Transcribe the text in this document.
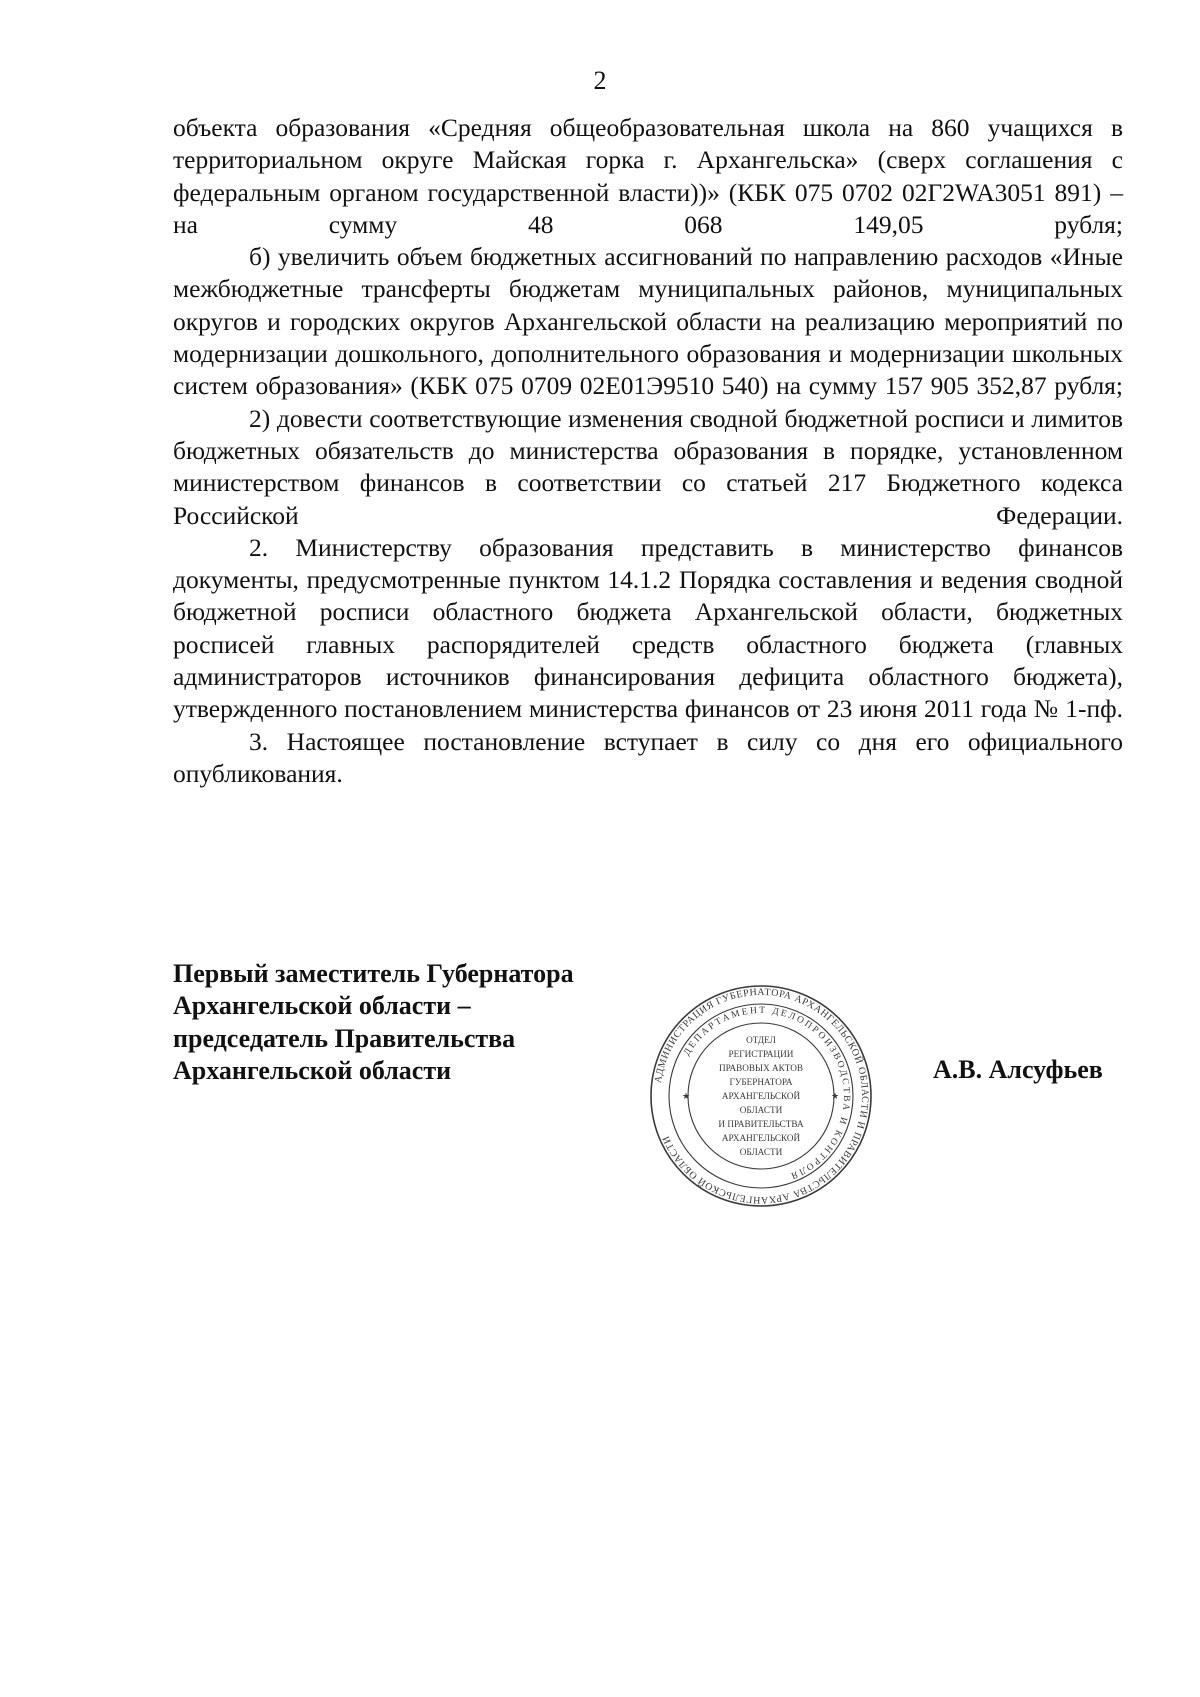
2

объекта образования «Средняя общеобразовательная школа на 860 учащихся в территориальном округе Майская горка г. Архангельска» (сверх соглашения с федеральным органом государственной власти))» (КБК 075 0702 02Г2WA3051 891) – на сумму 48 068 149,05 рубля;

б) увеличить объем бюджетных ассигнований по направлению расходов «Иные межбюджетные трансферты бюджетам муниципальных районов, муниципальных округов и городских округов Архангельской области на реализацию мероприятий по модернизации дошкольного, дополнительного образования и модернизации школьных систем образования» (КБК 075 0709 02Е01Э9510 540) на сумму 157 905 352,87 рубля;

2) довести соответствующие изменения сводной бюджетной росписи и лимитов бюджетных обязательств до министерства образования в порядке, установленном министерством финансов в соответствии со статьей 217 Бюджетного кодекса Российской Федерации.

2. Министерству образования представить в министерство финансов документы, предусмотренные пунктом 14.1.2 Порядка составления и ведения сводной бюджетной росписи областного бюджета Архангельской области, бюджетных росписей главных распорядителей средств областного бюджета (главных администраторов источников финансирования дефицита областного бюджета), утвержденного постановлением министерства финансов от 23 июня 2011 года № 1-пф.

3. Настоящее постановление вступает в силу со дня его официального опубликования.

Первый заместитель Губернатора
Архангельской области –
председатель Правительства
Архангельской области	А.В. Алсуфьев
АДМИНИСТРАЦИЯ ГУБЕРНАТОРА АРХАНГЕЛЬСКОЙ ОБЛАСТИ И ПРАВИТЕЛЬСТВА АРХАНГЕЛЬСКОЙ ОБЛАСТИ
ДЕПАРТАМЕНТ ДЕЛОПРОИЗВОДСТВА И КОНТРОЛЯ
ОТДЕЛ
РЕГИСТРАЦИИ
ПРАВОВЫХ АКТОВ
ГУБЕРНАТОРА
АРХАНГЕЛЬСКОЙ
ОБЛАСТИ
И ПРАВИТЕЛЬСТВА
АРХАНГЕЛЬСКОЙ
ОБЛАСТИ
★	★
